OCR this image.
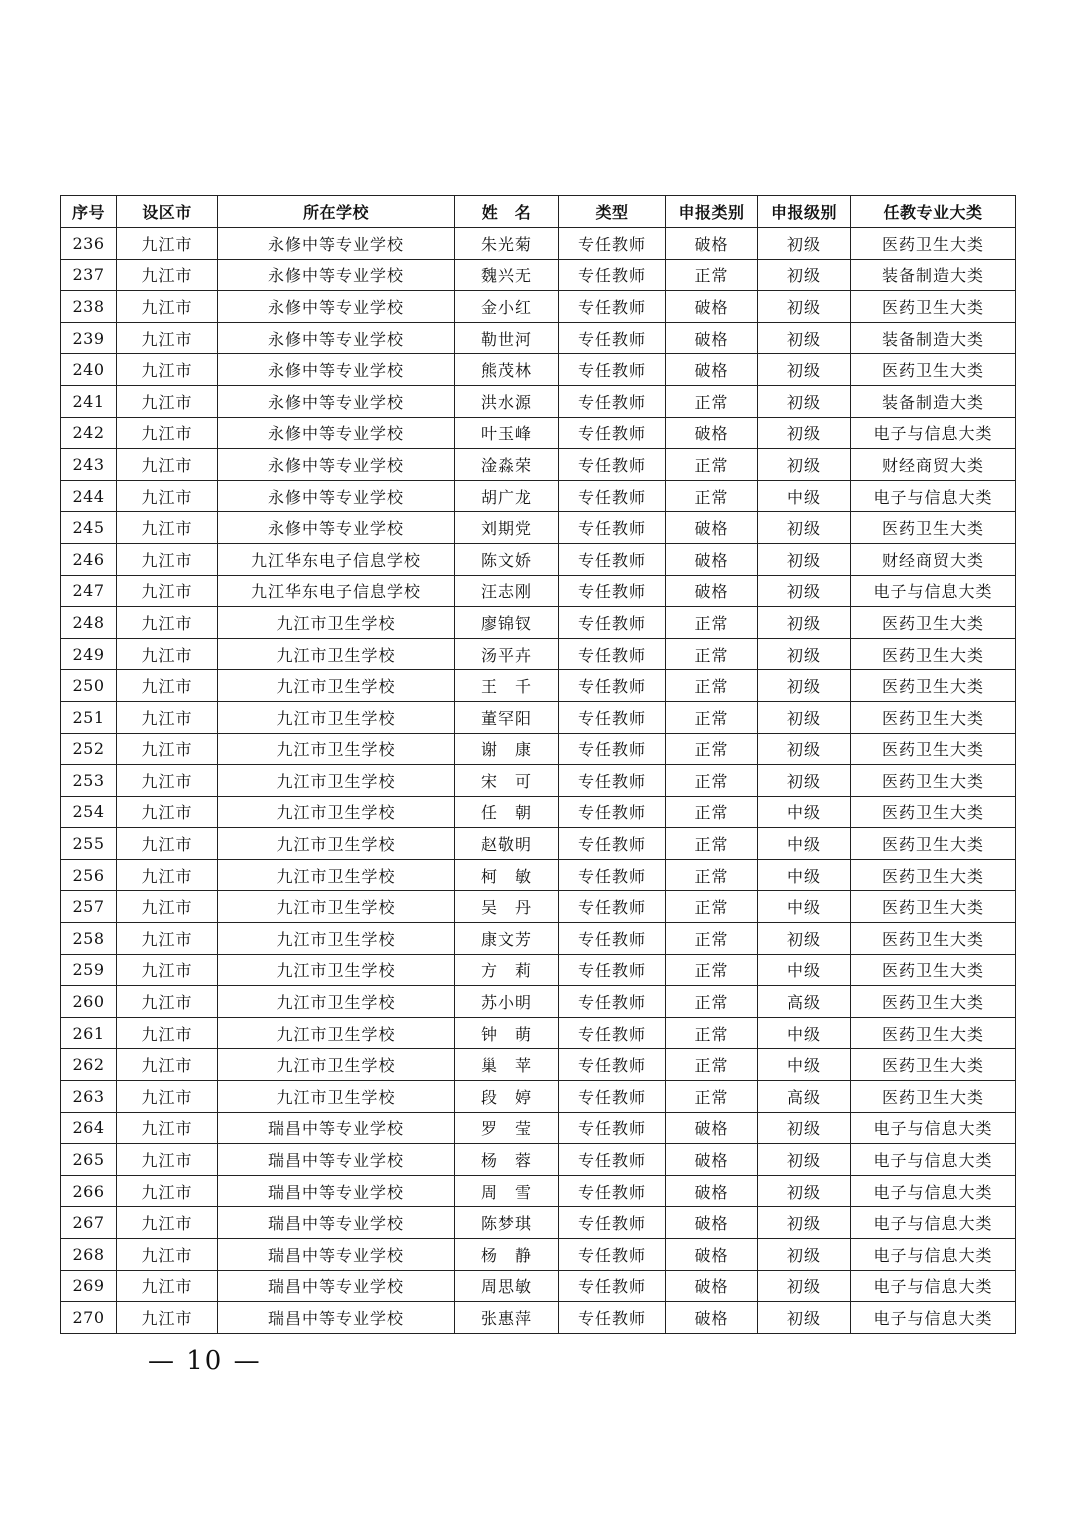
序号	设区市	所在学校	姓　名	类型	申报类别	申报级别	任教专业大类
236	九江市	永修中等专业学校	朱光菊	专任教师	破格	初级	医药卫生大类
237	九江市	永修中等专业学校	魏兴无	专任教师	正常	初级	装备制造大类
238	九江市	永修中等专业学校	金小红	专任教师	破格	初级	医药卫生大类
239	九江市	永修中等专业学校	勒世河	专任教师	破格	初级	装备制造大类
240	九江市	永修中等专业学校	熊茂林	专任教师	破格	初级	医药卫生大类
241	九江市	永修中等专业学校	洪水源	专任教师	正常	初级	装备制造大类
242	九江市	永修中等专业学校	叶玉峰	专任教师	破格	初级	电子与信息大类
243	九江市	永修中等专业学校	淦淼荣	专任教师	正常	初级	财经商贸大类
244	九江市	永修中等专业学校	胡广龙	专任教师	正常	中级	电子与信息大类
245	九江市	永修中等专业学校	刘期党	专任教师	破格	初级	医药卫生大类
246	九江市	九江华东电子信息学校	陈文娇	专任教师	破格	初级	财经商贸大类
247	九江市	九江华东电子信息学校	汪志刚	专任教师	破格	初级	电子与信息大类
248	九江市	九江市卫生学校	廖锦钗	专任教师	正常	初级	医药卫生大类
249	九江市	九江市卫生学校	汤平卉	专任教师	正常	初级	医药卫生大类
250	九江市	九江市卫生学校	王　千	专任教师	正常	初级	医药卫生大类
251	九江市	九江市卫生学校	董罕阳	专任教师	正常	初级	医药卫生大类
252	九江市	九江市卫生学校	谢　康	专任教师	正常	初级	医药卫生大类
253	九江市	九江市卫生学校	宋　可	专任教师	正常	初级	医药卫生大类
254	九江市	九江市卫生学校	任　朝	专任教师	正常	中级	医药卫生大类
255	九江市	九江市卫生学校	赵敬明	专任教师	正常	中级	医药卫生大类
256	九江市	九江市卫生学校	柯　敏	专任教师	正常	中级	医药卫生大类
257	九江市	九江市卫生学校	吴　丹	专任教师	正常	中级	医药卫生大类
258	九江市	九江市卫生学校	康文芳	专任教师	正常	初级	医药卫生大类
259	九江市	九江市卫生学校	方　莉	专任教师	正常	中级	医药卫生大类
260	九江市	九江市卫生学校	苏小明	专任教师	正常	高级	医药卫生大类
261	九江市	九江市卫生学校	钟　萌	专任教师	正常	中级	医药卫生大类
262	九江市	九江市卫生学校	巢　苹	专任教师	正常	中级	医药卫生大类
263	九江市	九江市卫生学校	段　婷	专任教师	正常	高级	医药卫生大类
264	九江市	瑞昌中等专业学校	罗　莹	专任教师	破格	初级	电子与信息大类
265	九江市	瑞昌中等专业学校	杨　蓉	专任教师	破格	初级	电子与信息大类
266	九江市	瑞昌中等专业学校	周　雪	专任教师	破格	初级	电子与信息大类
267	九江市	瑞昌中等专业学校	陈梦琪	专任教师	破格	初级	电子与信息大类
268	九江市	瑞昌中等专业学校	杨　静	专任教师	破格	初级	电子与信息大类
269	九江市	瑞昌中等专业学校	周思敏	专任教师	破格	初级	电子与信息大类
270	九江市	瑞昌中等专业学校	张惠萍	专任教师	破格	初级	电子与信息大类
— 10 —
